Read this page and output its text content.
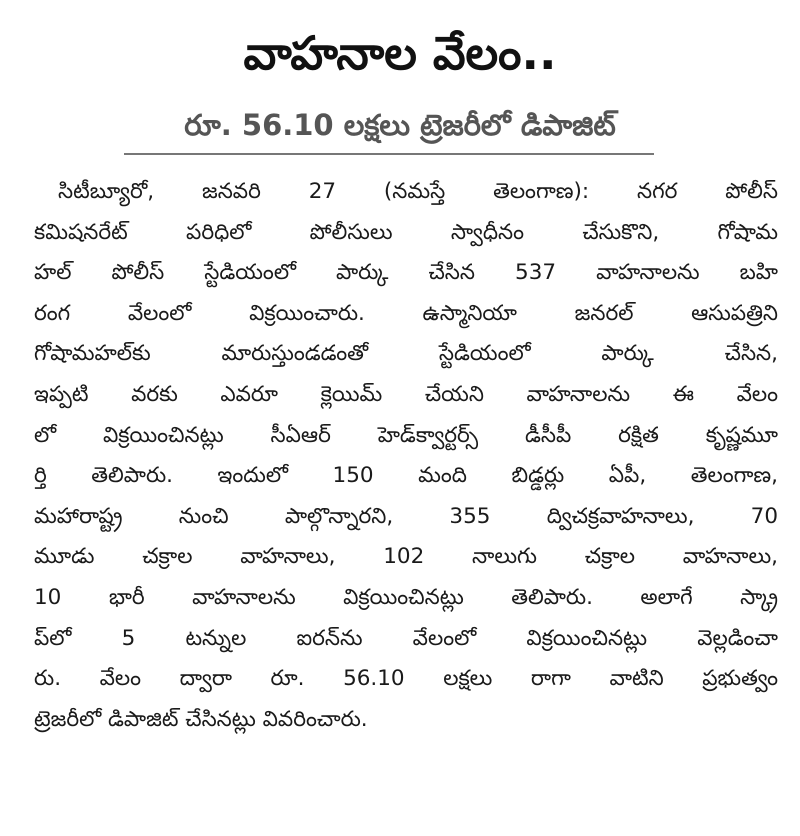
వాహనాల వేలం..
రూ. 56.10 లక్షలు ట్రెజరీలో డిపాజిట్
సిటీబ్యూరో, జనవరి 27 (నమస్తే తెలంగాణ): నగర పోలీస్
కమిషనరేట్ పరిధిలో పోలీసులు స్వాధీనం చేసుకొని, గోషామ
హల్ పోలీస్ స్టేడియంలో పార్కు చేసిన 537 వాహనాలను బహి
రంగ వేలంలో విక్రయించారు. ఉస్మానియా జనరల్ ఆసుపత్రిని
గోషామహల్‌కు మారుస్తుండడంతో స్టేడియంలో పార్కు చేసిన,
ఇప్పటి వరకు ఎవరూ క్లెయిమ్ చేయని వాహనాలను ఈ వేలం
లో విక్రయించినట్లు సీఏఆర్ హెడ్‌క్వార్టర్స్ డీసీపీ రక్షిత కృష్ణమూ
ర్తి తెలిపారు. ఇందులో 150 మంది బిడ్డర్లు ఏపీ, తెలంగాణ,
మహారాష్ట్ర నుంచి పాల్గొన్నారని, 355 ద్విచక్రవాహనాలు, 70
మూడు చక్రాల వాహనాలు, 102 నాలుగు చక్రాల వాహనాలు,
10 భారీ వాహనాలను విక్రయించినట్లు తెలిపారు. అలాగే స్క్రా
ప్‌లో 5 టన్నుల ఐరన్‌ను వేలంలో విక్రయించినట్లు వెల్లడించా
రు. వేలం ద్వారా రూ. 56.10 లక్షలు రాగా వాటిని ప్రభుత్వం
ట్రెజరీలో డిపాజిట్ చేసినట్లు వివరించారు.
